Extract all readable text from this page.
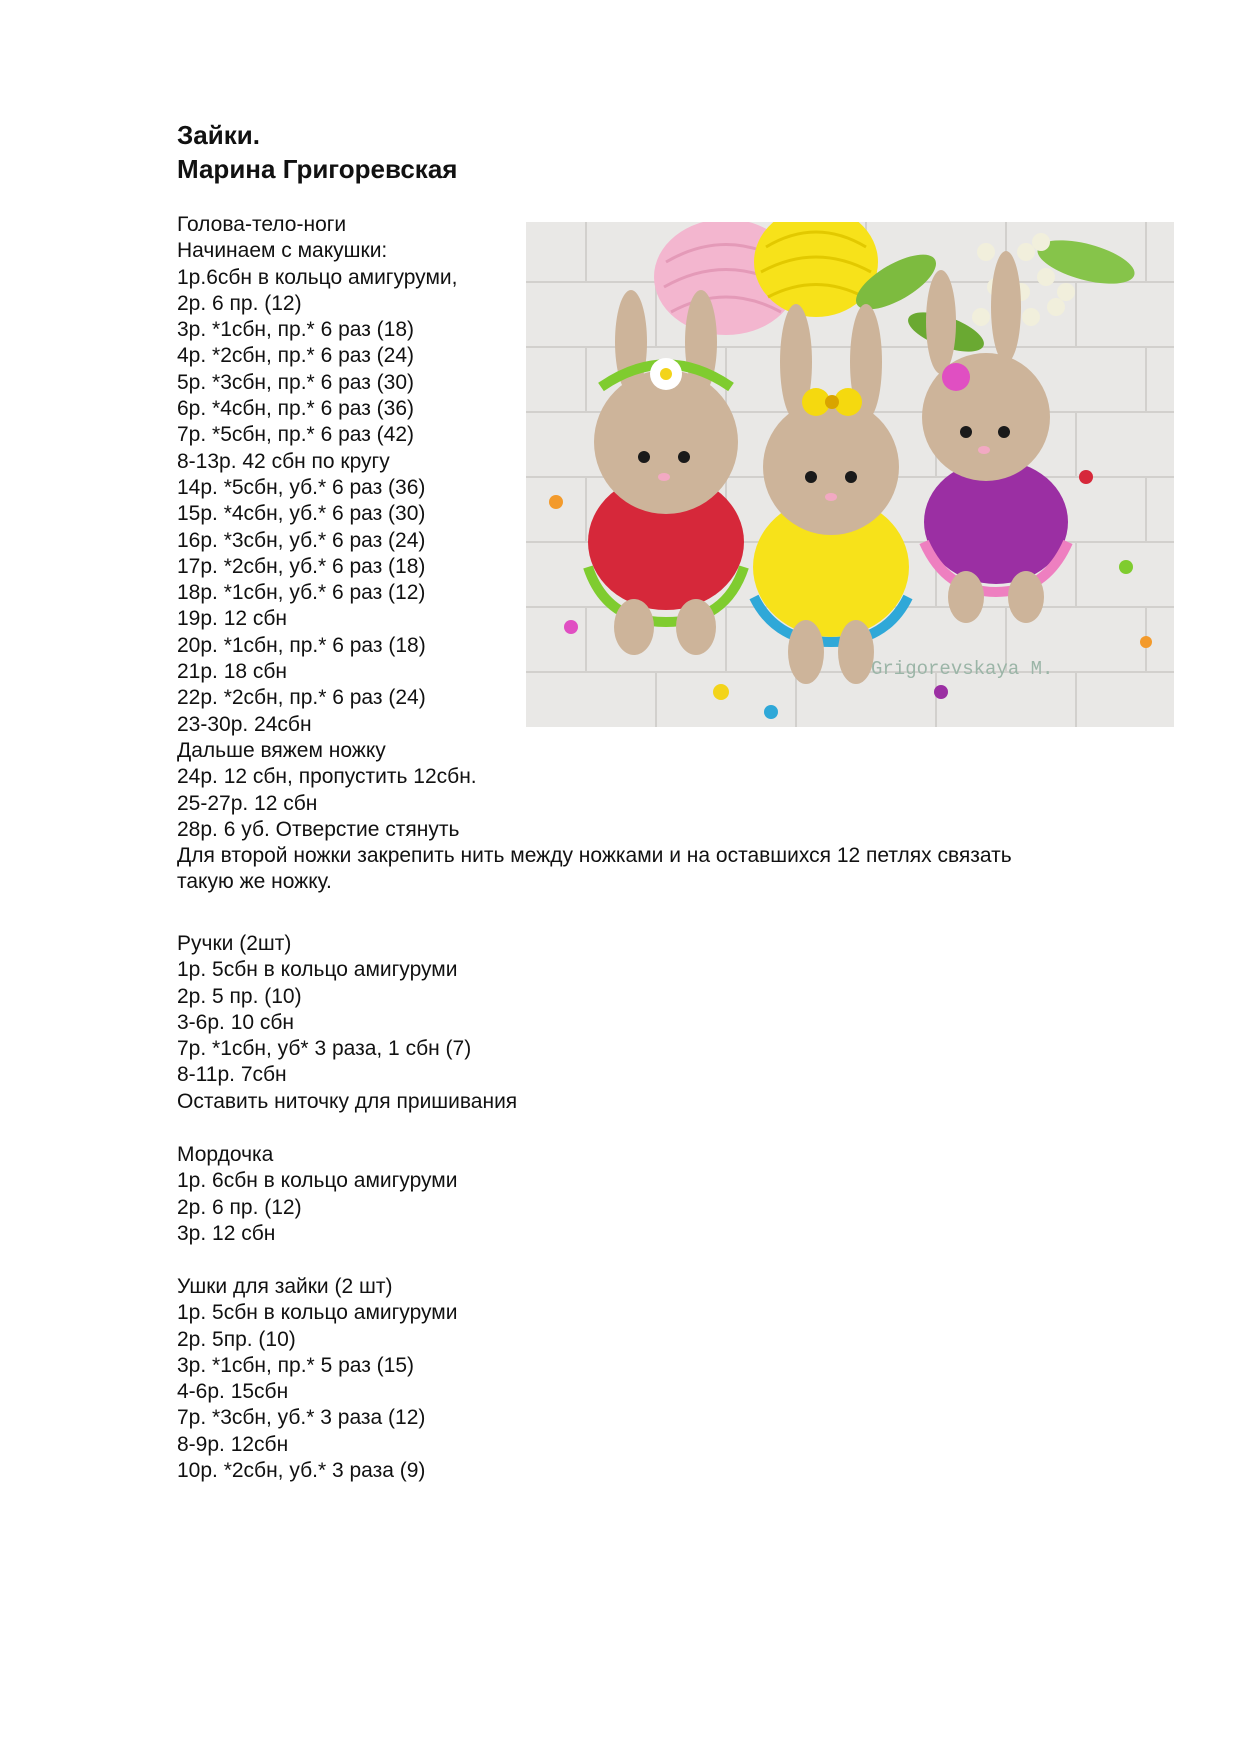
Зайки.
Марина Григоревская
Голова-тело-ноги
Начинаем с макушки:
1р.6сбн в кольцо амигуруми,
2р. 6 пр. (12)
3р. *1сбн, пр.* 6 раз (18)
4р. *2сбн, пр.* 6 раз (24)
5р. *3сбн, пр.* 6 раз (30)
6р. *4сбн, пр.* 6 раз (36)
7р. *5сбн, пр.* 6 раз (42)
8-13р. 42 сбн по кругу
14р. *5сбн, уб.* 6 раз (36)
15р. *4сбн, уб.* 6 раз (30)
16р. *3сбн, уб.* 6 раз (24)
17р. *2сбн, уб.* 6 раз (18)
18р. *1сбн, уб.* 6 раз (12)
19р. 12 сбн
20р. *1сбн, пр.* 6 раз (18)
21р. 18 сбн
22р. *2сбн, пр.* 6 раз (24)
23-30р. 24сбн
Дальше вяжем ножку
24р. 12 сбн, пропустить 12сбн.
25-27р. 12 сбн
28р. 6 уб. Отверстие стянуть
Для второй ножки закрепить нить между ножками и на оставшихся 12 петлях связать
такую же ножку.
Ручки (2шт)
1р. 5сбн в кольцо амигуруми
2р. 5 пр. (10)
3-6р. 10 сбн
7р. *1сбн, уб* 3 раза, 1 сбн (7)
8-11р. 7сбн
Оставить ниточку для пришивания
Мордочка
1р. 6сбн в кольцо амигуруми
2р. 6 пр. (12)
3р. 12 сбн
Ушки для зайки (2 шт)
1р. 5сбн в кольцо амигуруми
2р. 5пр. (10)
3р. *1сбн, пр.* 5 раз (15)
4-6р. 15сбн
7р. *3сбн, уб.* 3 раза (12)
8-9р. 12сбн
10р. *2сбн, уб.* 3 раза (9)
Grigorevskaya M.
